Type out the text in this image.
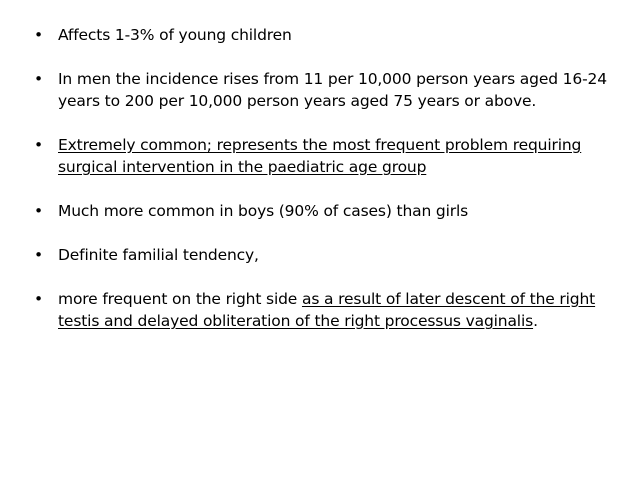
• Affects 1-3% of young children
• In men the incidence rises from 11 per 10,000 person years aged 16-24 years to 200 per 10,000 person years aged 75 years or above.
• Extremely common; represents the most frequent problem requiring surgical intervention in the paediatric age group
• Much more common in boys (90% of cases) than girls
• Definite familial tendency,
• more frequent on the right side as a result of later descent of the right testis and delayed obliteration of the right processus vaginalis.
